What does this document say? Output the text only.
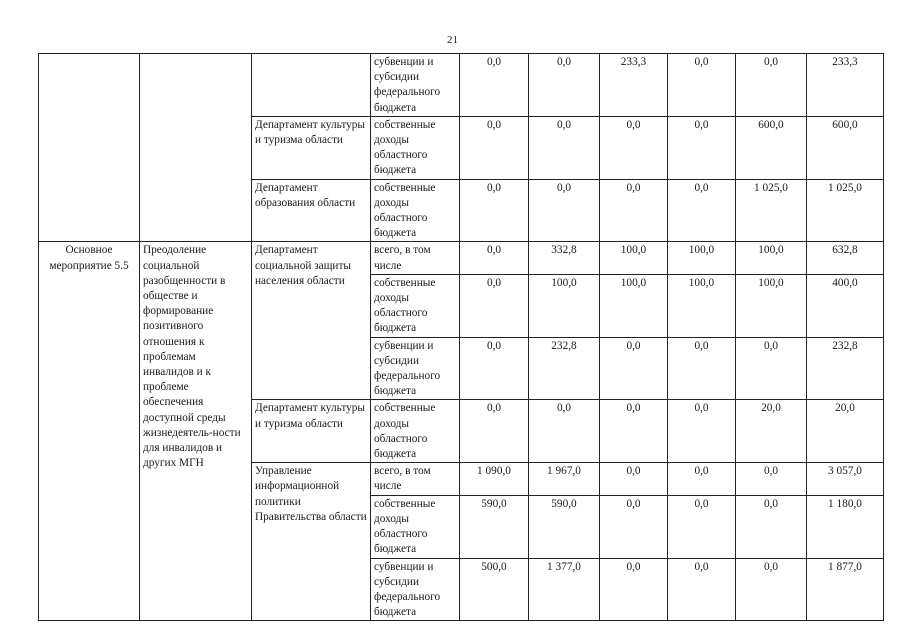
21
			субвенции и субсидии федерального бюджета	0,0	0,0	233,3	0,0	0,0	233,3
		Департамент культуры и туризма области	собственные доходы областного бюджета	0,0	0,0	0,0	0,0	600,0	600,0
		Департамент образования области	собственные доходы областного бюджета	0,0	0,0	0,0	0,0	1 025,0	1 025,0
Основное мероприятие 5.5	Преодоление социальной разобщенности в обществе и формирование позитивного отношения к проблемам инвалидов и к проблеме обеспечения доступной среды жизнедеятель-ности для инвалидов и других МГН	Департамент социальной защиты населения области	всего, в том числе	0,0	332,8	100,0	100,0	100,0	632,8
			собственные доходы областного бюджета	0,0	100,0	100,0	100,0	100,0	400,0
			субвенции и субсидии федерального бюджета	0,0	232,8	0,0	0,0	0,0	232,8
		Департамент культуры и туризма области	собственные доходы областного бюджета	0,0	0,0	0,0	0,0	20,0	20,0
		Управление информационной политики Правительства области	всего, в том числе	1 090,0	1 967,0	0,0	0,0	0,0	3 057,0
			собственные доходы областного бюджета	590,0	590,0	0,0	0,0	0,0	1 180,0
			субвенции и субсидии федерального бюджета	500,0	1 377,0	0,0	0,0	0,0	1 877,0
